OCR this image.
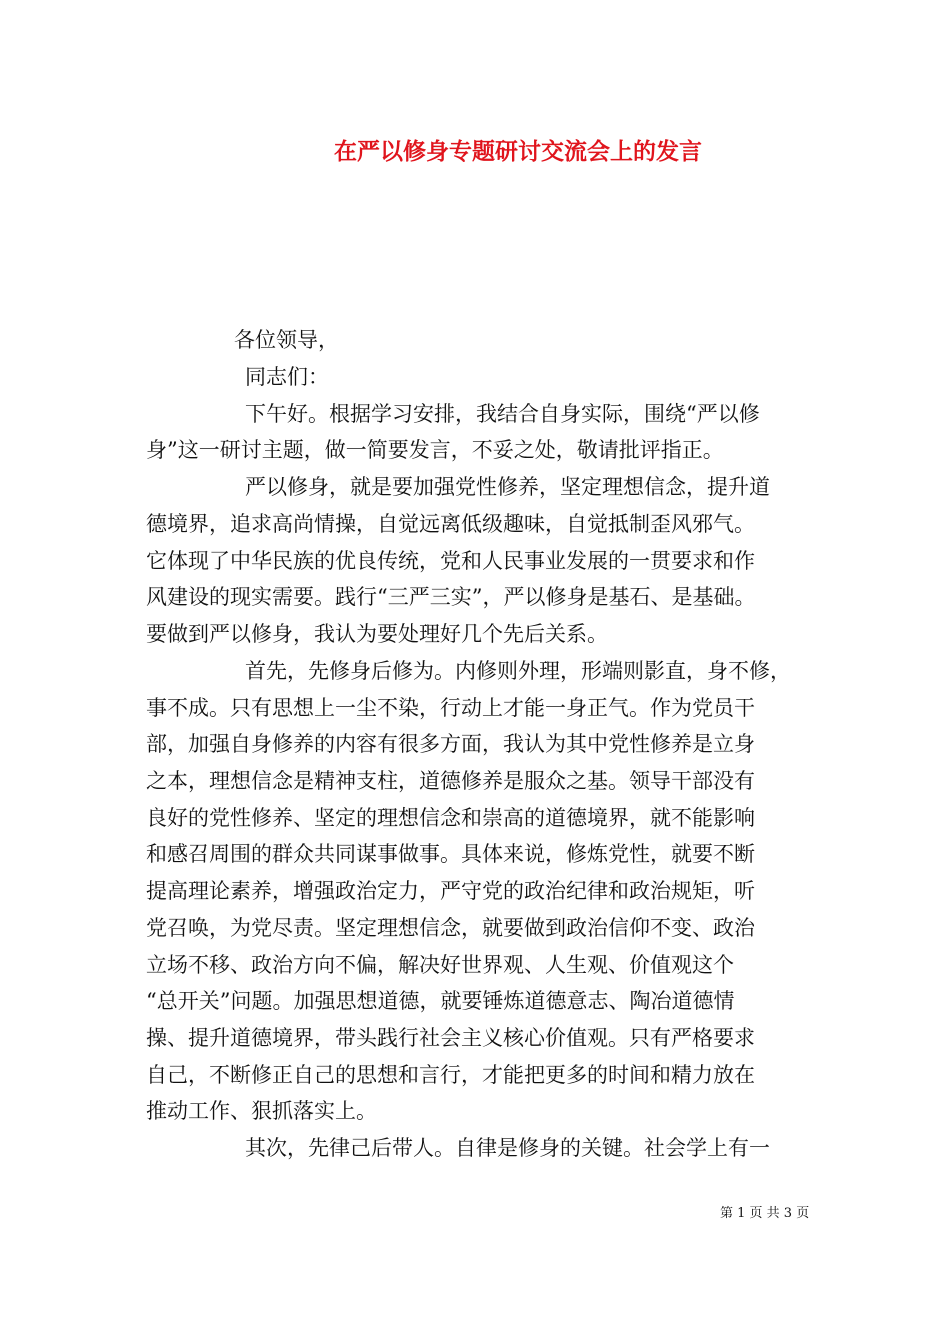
在严以修身专题研讨交流会上的发言
各位领导，
同志们：
下午好。根据学习安排，我结合自身实际，围绕“严以修
身”这一研讨主题，做一简要发言，不妥之处，敬请批评指正。
严以修身，就是要加强党性修养，坚定理想信念，提升道
德境界，追求高尚情操，自觉远离低级趣味，自觉抵制歪风邪气。
它体现了中华民族的优良传统，党和人民事业发展的一贯要求和作
风建设的现实需要。践行“三严三实”，严以修身是基石、是基础。
要做到严以修身，我认为要处理好几个先后关系。
首先，先修身后修为。内修则外理，形端则影直，身不修，
事不成。只有思想上一尘不染，行动上才能一身正气。作为党员干
部，加强自身修养的内容有很多方面，我认为其中党性修养是立身
之本，理想信念是精神支柱，道德修养是服众之基。领导干部没有
良好的党性修养、坚定的理想信念和崇高的道德境界，就不能影响
和感召周围的群众共同谋事做事。具体来说，修炼党性，就要不断
提高理论素养，增强政治定力，严守党的政治纪律和政治规矩，听
党召唤，为党尽责。坚定理想信念，就要做到政治信仰不变、政治
立场不移、政治方向不偏，解决好世界观、人生观、价值观这个
“总开关”问题。加强思想道德，就要锤炼道德意志、陶冶道德情
操、提升道德境界，带头践行社会主义核心价值观。只有严格要求
自己，不断修正自己的思想和言行，才能把更多的时间和精力放在
推动工作、狠抓落实上。
其次，先律己后带人。自律是修身的关键。社会学上有一
第 1 页 共 3 页
